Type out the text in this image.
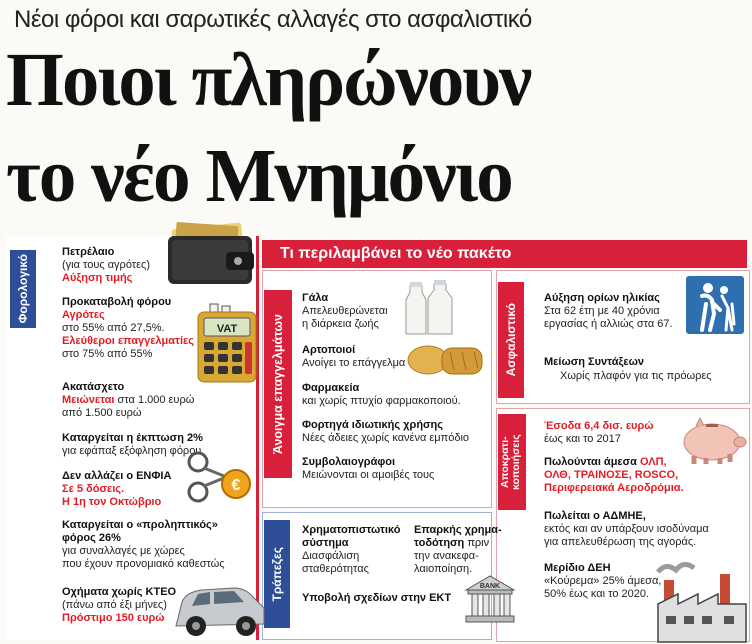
Νέοι φόροι και σαρωτικές αλλαγές στο ασφαλιστικό
Ποιοι πληρώνουν
το νέο Μνημόνιο
Τι περιλαμβάνει το νέο πακέτο
Φορολογικό
Άνοιγμα επαγγελμάτων	Ασφαλιστικό
Αποκρατι-κοποιήσεις
Τράπεζες
Πετρέλαιο
(για τους αγρότες)
Αύξηση τιμής
Προκαταβολή φόρου
Αγρότες
στο 55% από 27,5%.
Ελεύθεροι επαγγελματίες
στο 75% από 55%
Ακατάσχετο
Μειώνεται στα 1.000 ευρώ
από 1.500 ευρώ
Καταργείται η έκπτωση 2%
για εφάπαξ εξόφληση φόρου
Δεν αλλάζει ο ΕΝΦΙΑ
Σε 5 δόσεις.
Η 1η τον Οκτώβριο
Καταργείται ο «προληπτικός»
φόρος 26%
για συναλλαγές με χώρες
που έχουν προνομιακό καθεστώς
Οχήματα χωρίς ΚΤΕΟ
(πάνω από έξι μήνες)
Πρόστιμο 150 ευρώ
VAT
€
Γάλα
Απελευθερώνεται
η διάρκεια ζωής
Αρτοποιοί
Ανοίγει το επάγγελμα
Φαρμακεία
και χωρίς πτυχίο φαρμακοποιού.
Φορτηγά ιδιωτικής χρήσης
Νέες άδειες χωρίς κανένα εμπόδιο
Συμβολαιογράφοι
Μειώνονται οι αμοιβές τους
Αύξηση ορίων ηλικίας
Στα 62 έτη με 40 χρόνια
εργασίας ή αλλιώς στα 67.
Μείωση Συντάξεων
Χωρίς πλαφόν για τις πρόωρες
Έσοδα 6,4 δισ. ευρώ
έως και το 2017
Πωλούνται άμεσα ΟΛΠ,
ΟΛΘ, ΤΡΑΙΝΟΣΕ, ROSCO,
Περιφερειακά Αεροδρόμια.
Πωλείται ο ΑΔΜΗΕ,
εκτός και αν υπάρξουν ισοδύναμα
για απελευθέρωση της αγοράς.
Μερίδιο ΔΕΗ
«Κούρεμα» 25% άμεσα,
50% έως και το 2020.
Χρηματοπιστωτικό
σύστημα
Διασφάλιση
σταθερότητας
Επαρκής χρημα-
τοδότηση πριν
την ανακεφα-
λαιοποίηση.
Υποβολή σχεδίων στην ΕΚΤ
BANK
